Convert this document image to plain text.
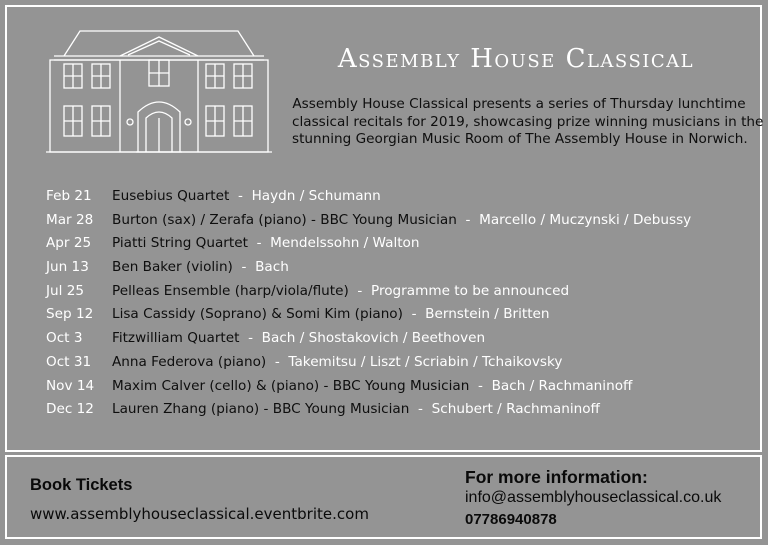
Assembly House Classical
Assembly House Classical presents a series of Thursday lunchtime
classical recitals for 2019, showcasing prize winning musicians in the
stunning Georgian Music Room of The Assembly House in Norwich.
Feb 21 Eusebius Quartet - Haydn / Schumann
Mar 28 Burton (sax) / Zerafa (piano) - BBC Young Musician - Marcello / Muczynski / Debussy
Apr 25 Piatti String Quartet - Mendelssohn / Walton
Jun 13 Ben Baker (violin) - Bach
Jul 25 Pelleas Ensemble (harp/viola/flute) - Programme to be announced
Sep 12 Lisa Cassidy (Soprano) & Somi Kim (piano) - Bernstein / Britten
Oct 3 Fitzwilliam Quartet - Bach / Shostakovich / Beethoven
Oct 31 Anna Federova (piano) - Takemitsu / Liszt / Scriabin / Tchaikovsky
Nov 14 Maxim Calver (cello) & (piano) - BBC Young Musician - Bach / Rachmaninoff
Dec 12 Lauren Zhang (piano) - BBC Young Musician - Schubert / Rachmaninoff
Book Tickets
www.assemblyhouseclassical.eventbrite.com
For more information:
info@assemblyhouseclassical.co.uk
07786940878
